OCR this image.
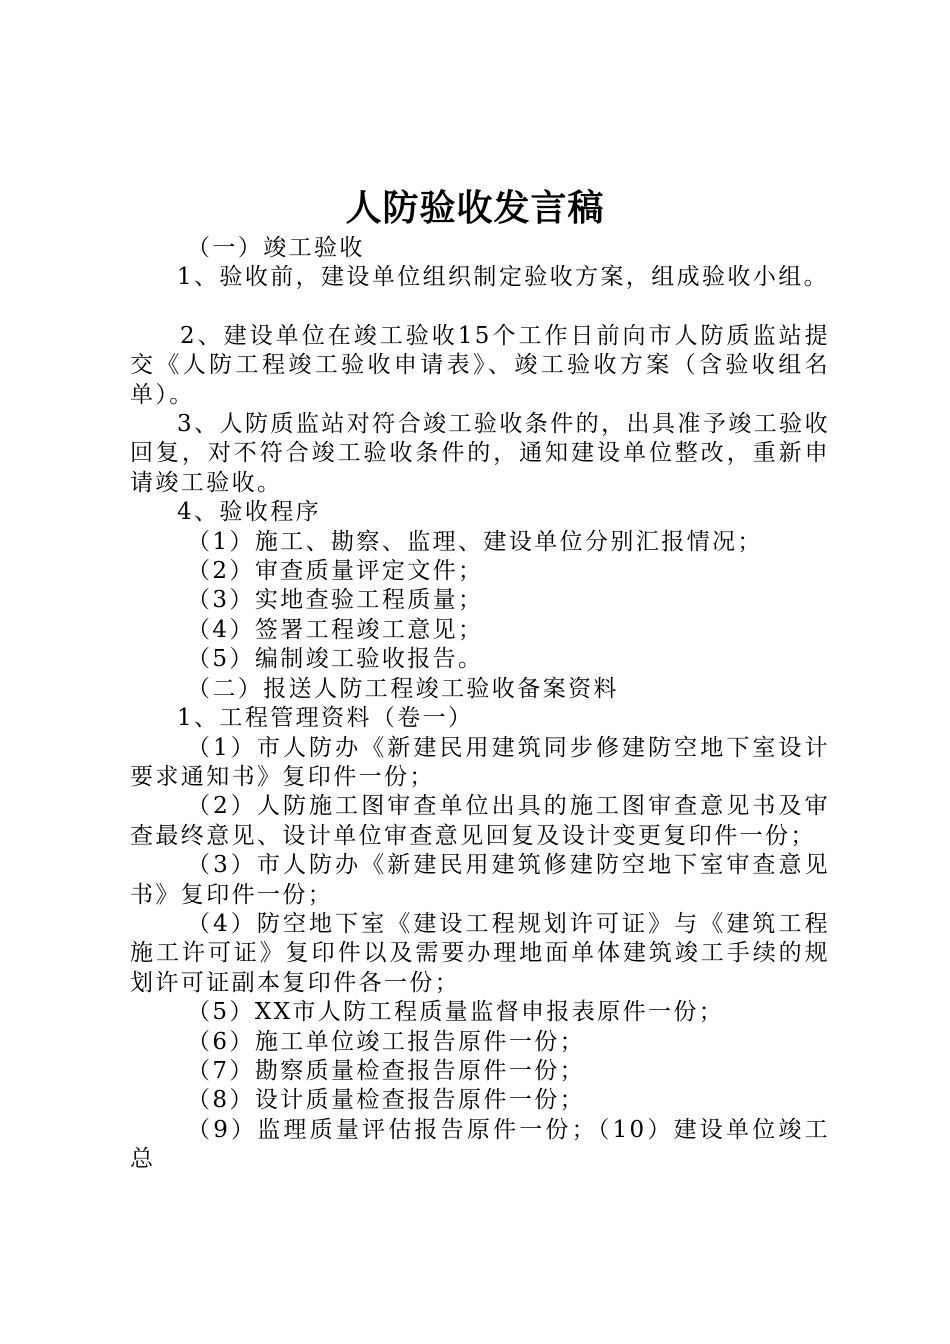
人防验收发言稿

（一）竣工验收

1、验收前，建设单位组织制定验收方案，组成验收小组。

2、建设单位在竣工验收15个工作日前向市人防质监站提交《人防工程竣工验收申请表》、竣工验收方案（含验收组名单）。

3、人防质监站对符合竣工验收条件的，出具准予竣工验收回复，对不符合竣工验收条件的，通知建设单位整改，重新申请竣工验收。

4、验收程序

（1）施工、勘察、监理、建设单位分别汇报情况；

（2）审查质量评定文件；

（3）实地查验工程质量；

（4）签署工程竣工意见；

（5）编制竣工验收报告。

（二）报送人防工程竣工验收备案资料

1、工程管理资料（卷一）

（1）市人防办《新建民用建筑同步修建防空地下室设计要求通知书》复印件一份；

（2）人防施工图审查单位出具的施工图审查意见书及审查最终意见、设计单位审查意见回复及设计变更复印件一份；

（3）市人防办《新建民用建筑修建防空地下室审查意见书》复印件一份；

（4）防空地下室《建设工程规划许可证》与《建筑工程施工许可证》复印件以及需要办理地面单体建筑竣工手续的规划许可证副本复印件各一份；

（5）XX市人防工程质量监督申报表原件一份；

（6）施工单位竣工报告原件一份；

（7）勘察质量检查报告原件一份；

（8）设计质量检查报告原件一份；

（9）监理质量评估报告原件一份；（10）建设单位竣工总
